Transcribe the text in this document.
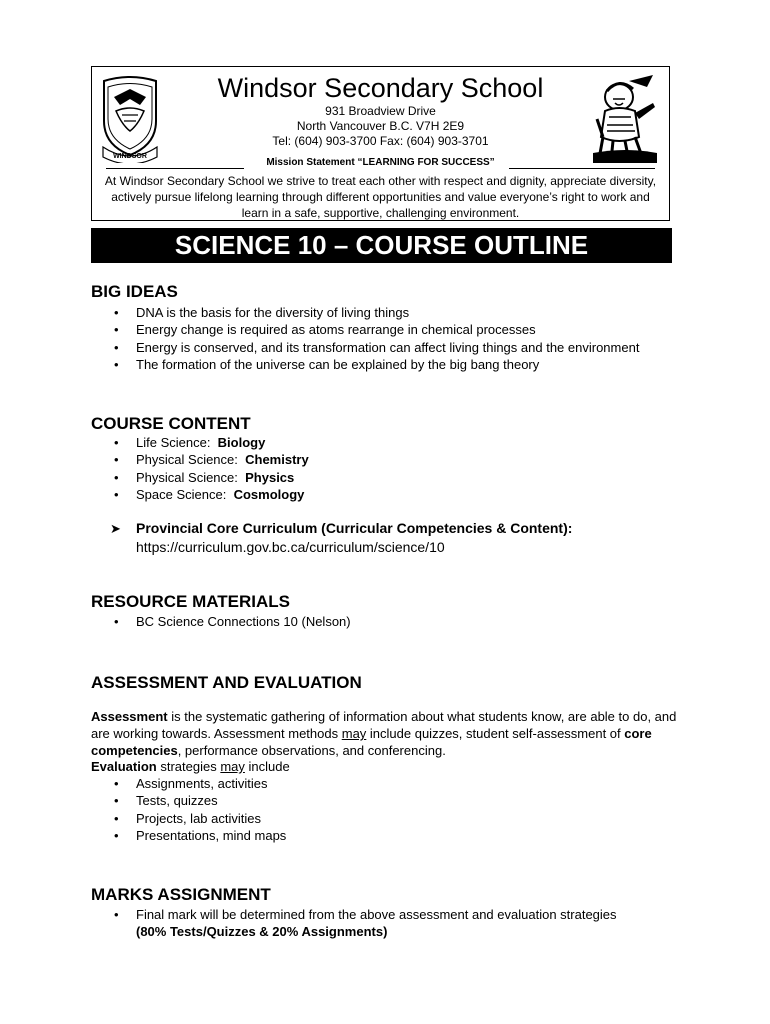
WINDSOR
Windsor Secondary School
931 Broadview Drive
North Vancouver B.C. V7H 2E9
Tel: (604) 903-3700 Fax: (604) 903-3701
Mission Statement “LEARNING FOR SUCCESS”
At Windsor Secondary School we strive to treat each other with respect and dignity, appreciate diversity, actively pursue lifelong learning through different opportunities and value everyone’s right to work and learn in a safe, supportive, challenging environment.
SCIENCE 10 – COURSE OUTLINE
BIG IDEAS
• DNA is the basis for the diversity of living things
• Energy change is required as atoms rearrange in chemical processes
• Energy is conserved, and its transformation can affect living things and the environment
• The formation of the universe can be explained by the big bang theory
COURSE CONTENT
• Life Science: Biology
• Physical Science: Chemistry
• Physical Science: Physics
• Space Science: Cosmology
➤ Provincial Core Curriculum (Curricular Competencies & Content):
https://curriculum.gov.bc.ca/curriculum/science/10
RESOURCE MATERIALS
• BC Science Connections 10 (Nelson)
ASSESSMENT AND EVALUATION
Assessment is the systematic gathering of information about what students know, are able to do, and are working towards. Assessment methods may include quizzes, student self-assessment of core competencies, performance observations, and conferencing.
Evaluation strategies may include
• Assignments, activities
• Tests, quizzes
• Projects, lab activities
• Presentations, mind maps
MARKS ASSIGNMENT
• Final mark will be determined from the above assessment and evaluation strategies
(80% Tests/Quizzes & 20% Assignments)
